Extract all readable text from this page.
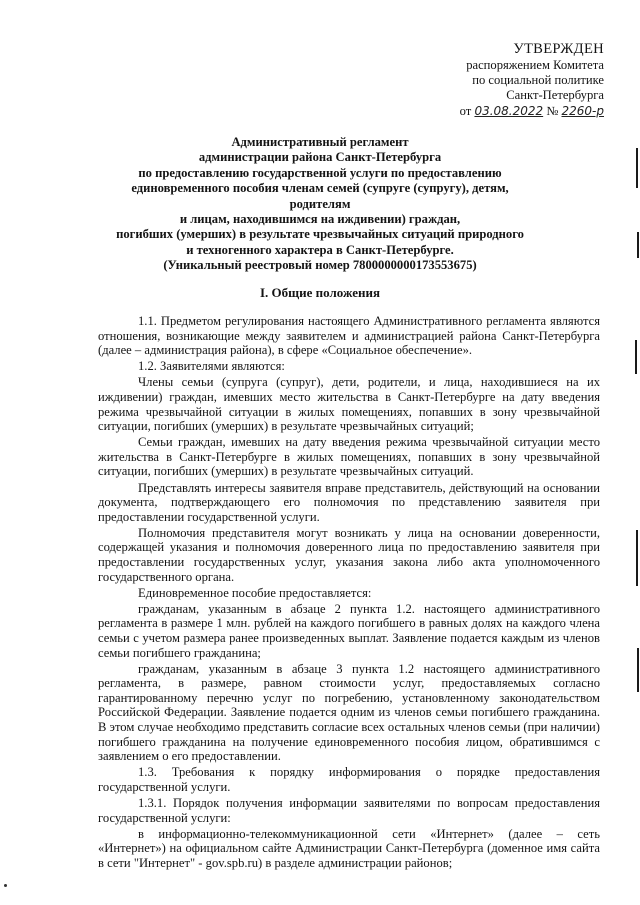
УТВЕРЖДЕН
распоряжением Комитета
по социальной политике
Санкт-Петербурга
от 03.08.2022 № 2260-р
Административный регламент
администрации района Санкт-Петербурга
по предоставлению государственной услуги по предоставлению
единовременного пособия членам семей (супруге (супругу), детям, родителям
и лицам, находившимся на иждивении) граждан,
погибших (умерших) в результате чрезвычайных ситуаций природного
и техногенного характера в Санкт-Петербурге.
(Уникальный реестровый номер 7800000000173553675)
I. Общие положения

1.1. Предметом регулирования настоящего Административного регламента являются отношения, возникающие между заявителем и администрацией района Санкт-Петербурга (далее – администрация района), в сфере «Социальное обеспечение».

1.2. Заявителями являются:

Члены семьи (супруга (супруг), дети, родители, и лица, находившиеся на их иждивении) граждан, имевших место жительства в Санкт-Петербурге на дату введения режима чрезвычайной ситуации в жилых помещениях, попавших в зону чрезвычайной ситуации, погибших (умерших) в результате чрезвычайных ситуаций;

Семьи граждан, имевших на дату введения режима чрезвычайной ситуации место жительства в Санкт-Петербурге в жилых помещениях, попавших в зону чрезвычайной ситуации, погибших (умерших) в результате чрезвычайных ситуаций.

Представлять интересы заявителя вправе представитель, действующий на основании документа, подтверждающего его полномочия по представлению заявителя при предоставлении государственной услуги.

Полномочия представителя могут возникать у лица на основании доверенности, содержащей указания и полномочия доверенного лица по предоставлению заявителя при предоставлении государственных услуг, указания закона либо акта уполномоченного государственного органа.

Единовременное пособие предоставляется:

гражданам, указанным в абзаце 2 пункта 1.2. настоящего административного регламента в размере 1 млн. рублей на каждого погибшего в равных долях на каждого члена семьи с учетом размера ранее произведенных выплат. Заявление подается каждым из членов семьи погибшего гражданина;

гражданам, указанным в абзаце 3 пункта 1.2 настоящего административного регламента, в размере, равном стоимости услуг, предоставляемых согласно гарантированному перечню услуг по погребению, установленному законодательством Российской Федерации. Заявление подается одним из членов семьи погибшего гражданина. В этом случае необходимо представить согласие всех остальных членов семьи (при наличии) погибшего гражданина на получение единовременного пособия лицом, обратившимся с заявлением о его предоставлении.

1.3. Требования к порядку информирования о порядке предоставления государственной услуги.

1.3.1. Порядок получения информации заявителями по вопросам предоставления государственной услуги:

в информационно-телекоммуникационной сети «Интернет» (далее – сеть «Интернет») на официальном сайте Администрации Санкт-Петербурга (доменное имя сайта в сети "Интернет" - gov.spb.ru) в разделе администрации районов;
